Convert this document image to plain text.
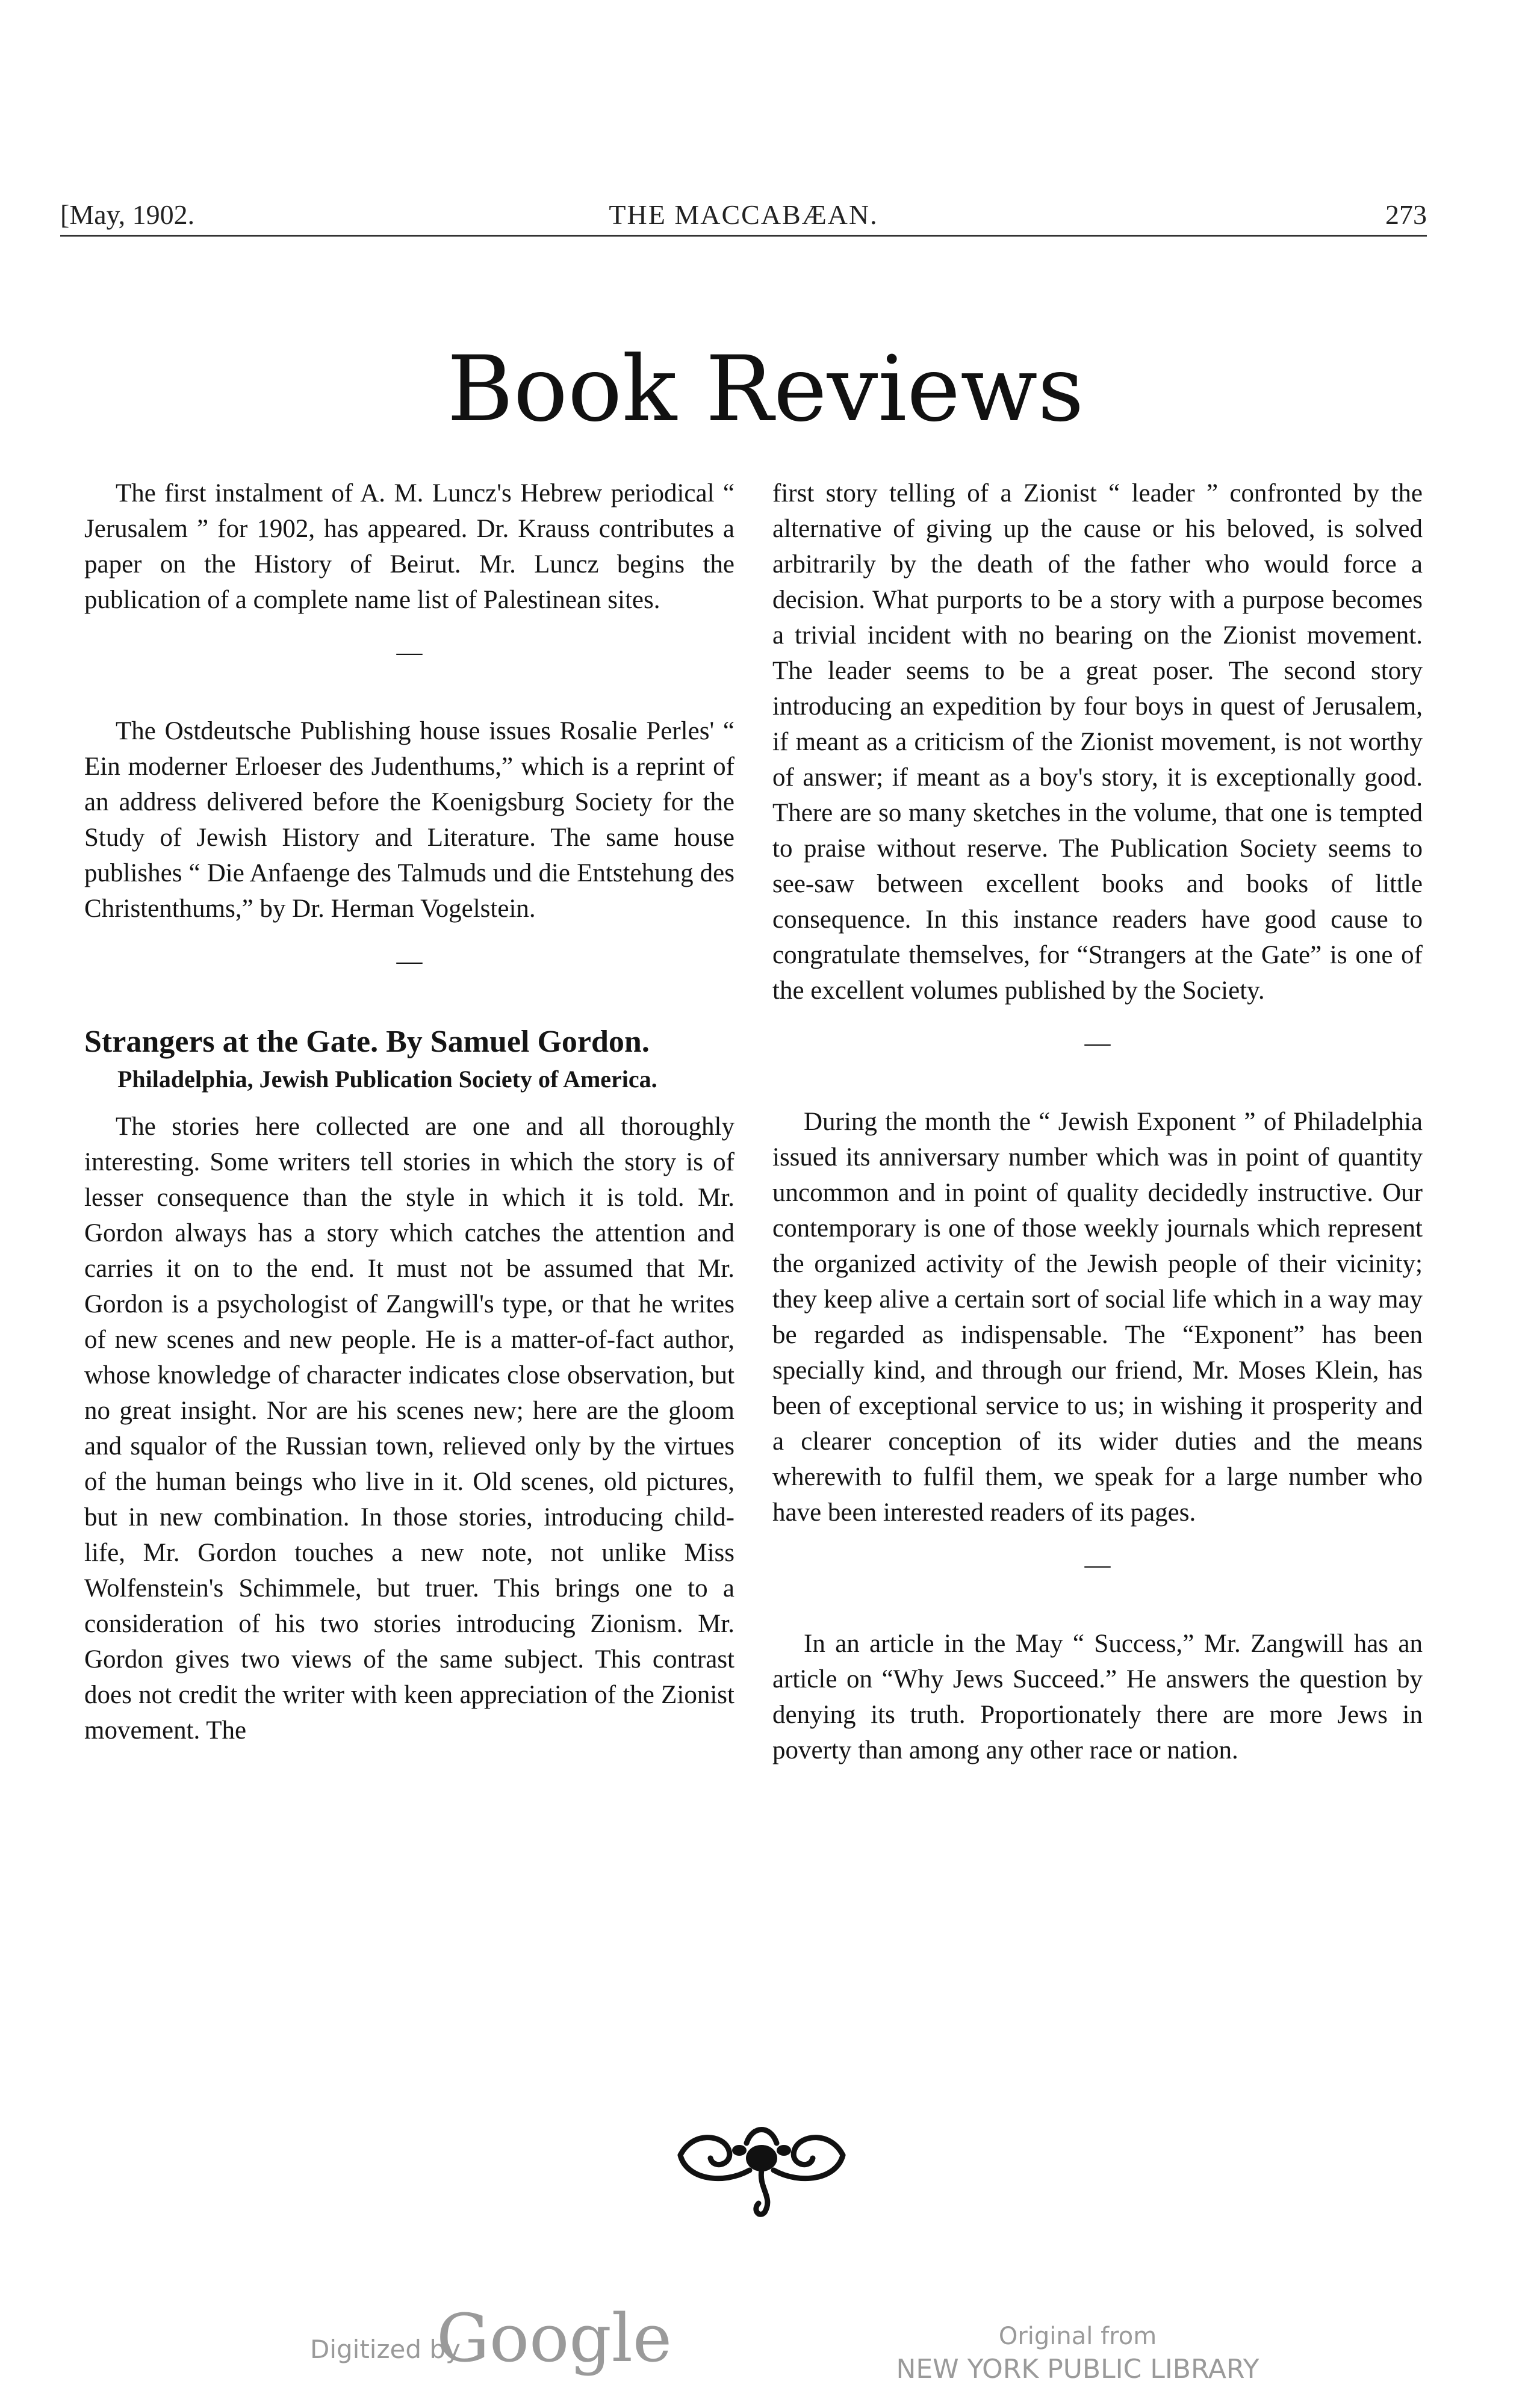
[May, 1902.	THE MACCABÆAN.	273
Book Reviews

The first instalment of A. M. Luncz's Hebrew periodical “ Jerusalem ” for 1902, has appeared. Dr. Krauss contributes a paper on the History of Beirut. Mr. Luncz begins the publication of a complete name list of Palestinean sites.

—

The Ostdeutsche Publishing house issues Rosalie Perles' “ Ein moderner Erloeser des Judenthums,” which is a reprint of an address delivered before the Koenigsburg Society for the Study of Jewish History and Literature. The same house publishes “ Die Anfaenge des Talmuds und die Entstehung des Christenthums,” by Dr. Herman Vogelstein.

—
Strangers at the Gate. By Samuel Gordon.
Philadelphia, Jewish Publication Society of America.

The stories here collected are one and all thoroughly interesting. Some writers tell stories in which the story is of lesser consequence than the style in which it is told. Mr. Gordon always has a story which catches the attention and carries it on to the end. It must not be assumed that Mr. Gordon is a psychologist of Zangwill's type, or that he writes of new scenes and new people. He is a matter-of-fact author, whose knowledge of character indicates close observation, but no great insight. Nor are his scenes new; here are the gloom and squalor of the Russian town, relieved only by the virtues of the human beings who live in it. Old scenes, old pictures, but in new combination. In those stories, introducing child-life, Mr. Gordon touches a new note, not unlike Miss Wolfenstein's Schimmele, but truer. This brings one to a consideration of his two stories introducing Zionism. Mr. Gordon gives two views of the same subject. This contrast does not credit the writer with keen appreciation of the Zionist movement. The

first story telling of a Zionist “ leader ” confronted by the alternative of giving up the cause or his beloved, is solved arbitrarily by the death of the father who would force a decision. What purports to be a story with a purpose becomes a trivial incident with no bearing on the Zionist movement. The leader seems to be a great poser. The second story introducing an expedition by four boys in quest of Jerusalem, if meant as a criticism of the Zionist movement, is not worthy of answer; if meant as a boy's story, it is exceptionally good. There are so many sketches in the volume, that one is tempted to praise without reserve. The Publication Society seems to see-saw between excellent books and books of little consequence. In this instance readers have good cause to congratulate themselves, for “Strangers at the Gate” is one of the excellent volumes published by the Society.

—

During the month the “ Jewish Exponent ” of Philadelphia issued its anniversary number which was in point of quantity uncommon and in point of quality decidedly instructive. Our contemporary is one of those weekly journals which represent the organized activity of the Jewish people of their vicinity; they keep alive a certain sort of social life which in a way may be regarded as indispensable. The “Exponent” has been specially kind, and through our friend, Mr. Moses Klein, has been of exceptional service to us; in wishing it prosperity and a clearer conception of its wider duties and the means wherewith to fulfil them, we speak for a large number who have been interested readers of its pages.

—

In an article in the May “ Success,” Mr. Zangwill has an article on “Why Jews Succeed.” He answers the question by denying its truth. Proportionately there are more Jews in poverty than among any other race or nation.

Digitized by
Google	Original from
NEW YORK PUBLIC LIBRARY
